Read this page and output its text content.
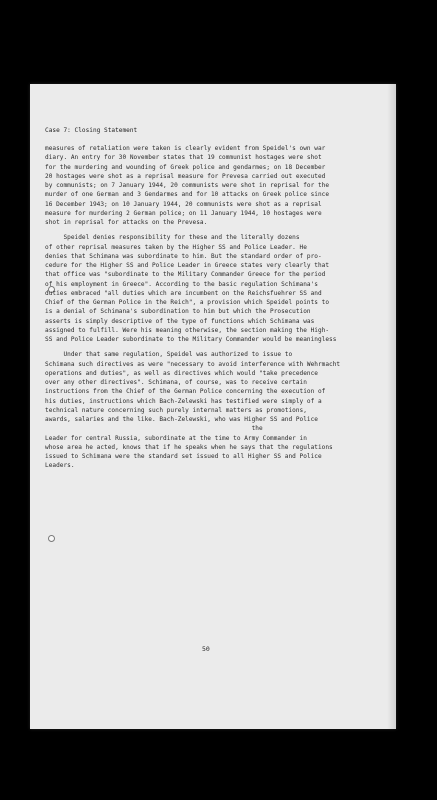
Case 7: Closing Statement
measures of retaliation were taken is clearly evident from Speidel's own war
diary. An entry for 30 November states that 19 communist hostages were shot
for the murdering and wounding of Greek police and gendarmes; on 18 December
20 hostages were shot as a reprisal measure for Prevesa carried out executed
by communists; on 7 January 1944, 20 communists were shot in reprisal for the
murder of one German and 3 Gendarmes and for 10 attacks on Greek police since
16 December 1943; on 10 January 1944, 20 communists were shot as a reprisal
measure for murdering 2 German police; on 11 January 1944, 10 hostages were
shot in reprisal for attacks on the Prevesa.
Speidel denies responsibility for these and the literally dozens
of other reprisal measures taken by the Higher SS and Police Leader. He
denies that Schimana was subordinate to him. But the standard order of pro-
cedure for the Higher SS and Police Leader in Greece states very clearly that
that office was "subordinate to the Military Commander Greece for the period
of his employment in Greece". According to the basic regulation Schimana's
duties embraced "all duties which are incumbent on the Reichsfuehrer SS and
Chief of the German Police in the Reich", a provision which Speidel points to
is a denial of Schimana's subordination to him but which the Prosecution
asserts is simply descriptive of the type of functions which Schimana was
assigned to fulfill. Were his meaning otherwise, the section making the High-
SS and Police Leader subordinate to the Military Commander would be meaningless
Under that same regulation, Speidel was authorized to issue to
Schimana such directives as were "necessary to avoid interference with Wehrmacht
operations and duties", as well as directives which would "take precedence
over any other directives". Schimana, of course, was to receive certain
instructions from the Chief of the German Police concerning the execution of
his duties, instructions which Bach-Zelewski has testified were simply of a
technical nature concerning such purely internal matters as promotions,
awards, salaries and the like. Bach-Zelewski, who was Higher SS and Police
the
Leader for central Russia, subordinate at the time to Army Commander in
whose area he acted, knows that if he speaks when he says that the regulations
issued to Schimana were the standard set issued to all Higher SS and Police
Leaders.
50
